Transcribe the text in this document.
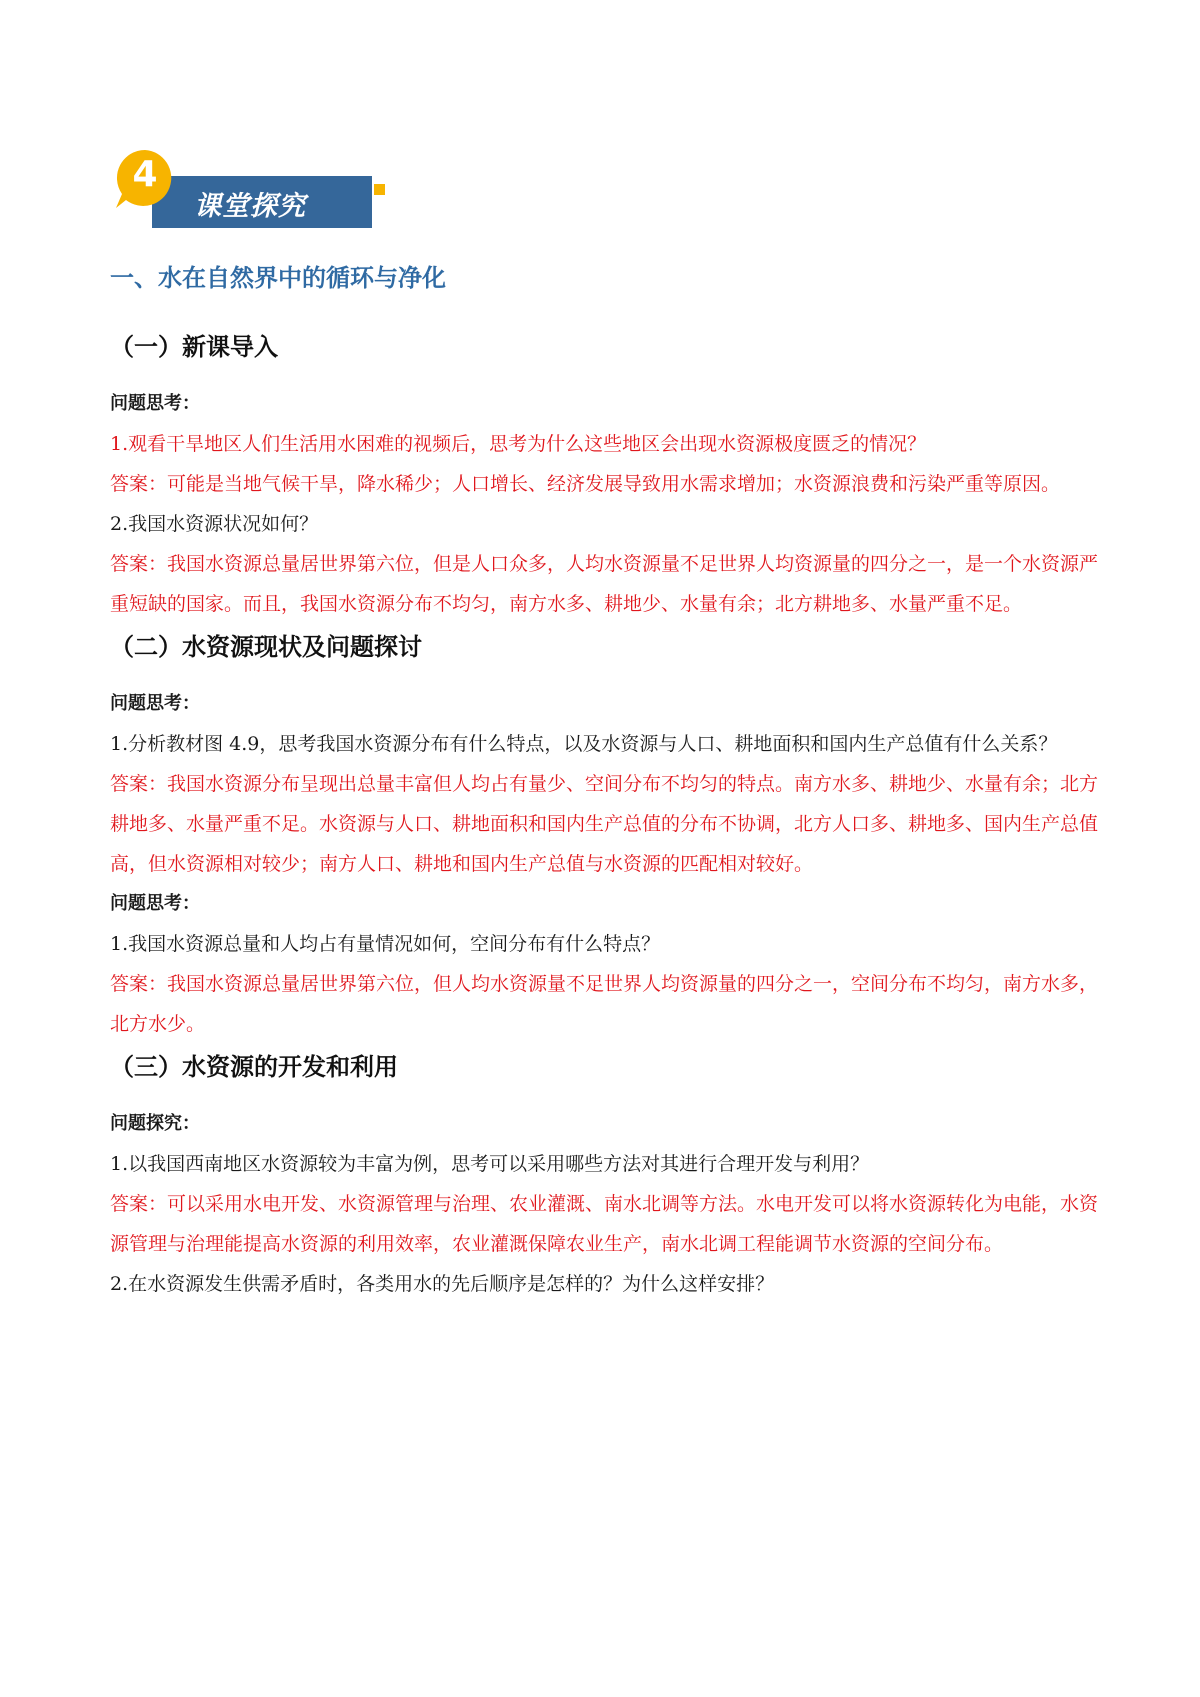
课堂探究
4
一、水在自然界中的循环与净化
（一）新课导入

问题思考：

1.观看干旱地区人们生活用水困难的视频后，思考为什么这些地区会出现水资源极度匮乏的情况？

答案：可能是当地气候干旱，降水稀少；人口增长、经济发展导致用水需求增加；水资源浪费和污染严重等原因。

2.我国水资源状况如何？

答案：我国水资源总量居世界第六位，但是人口众多，人均水资源量不足世界人均资源量的四分之一，是一个水资源严重短缺的国家。而且，我国水资源分布不均匀，南方水多、耕地少、水量有余；北方耕地多、水量严重不足。

（二）水资源现状及问题探讨

问题思考：

1.分析教材图 4.9，思考我国水资源分布有什么特点，以及水资源与人口、耕地面积和国内生产总值有什么关系？

答案：我国水资源分布呈现出总量丰富但人均占有量少、空间分布不均匀的特点。南方水多、耕地少、水量有余；北方耕地多、水量严重不足。水资源与人口、耕地面积和国内生产总值的分布不协调，北方人口多、耕地多、国内生产总值高，但水资源相对较少；南方人口、耕地和国内生产总值与水资源的匹配相对较好。

问题思考：

1.我国水资源总量和人均占有量情况如何，空间分布有什么特点？

答案：我国水资源总量居世界第六位，但人均水资源量不足世界人均资源量的四分之一，空间分布不均匀，南方水多，北方水少。

（三）水资源的开发和利用

问题探究：

1.以我国西南地区水资源较为丰富为例，思考可以采用哪些方法对其进行合理开发与利用？

答案：可以采用水电开发、水资源管理与治理、农业灌溉、南水北调等方法。水电开发可以将水资源转化为电能，水资源管理与治理能提高水资源的利用效率，农业灌溉保障农业生产，南水北调工程能调节水资源的空间分布。

2.在水资源发生供需矛盾时，各类用水的先后顺序是怎样的？为什么这样安排？
